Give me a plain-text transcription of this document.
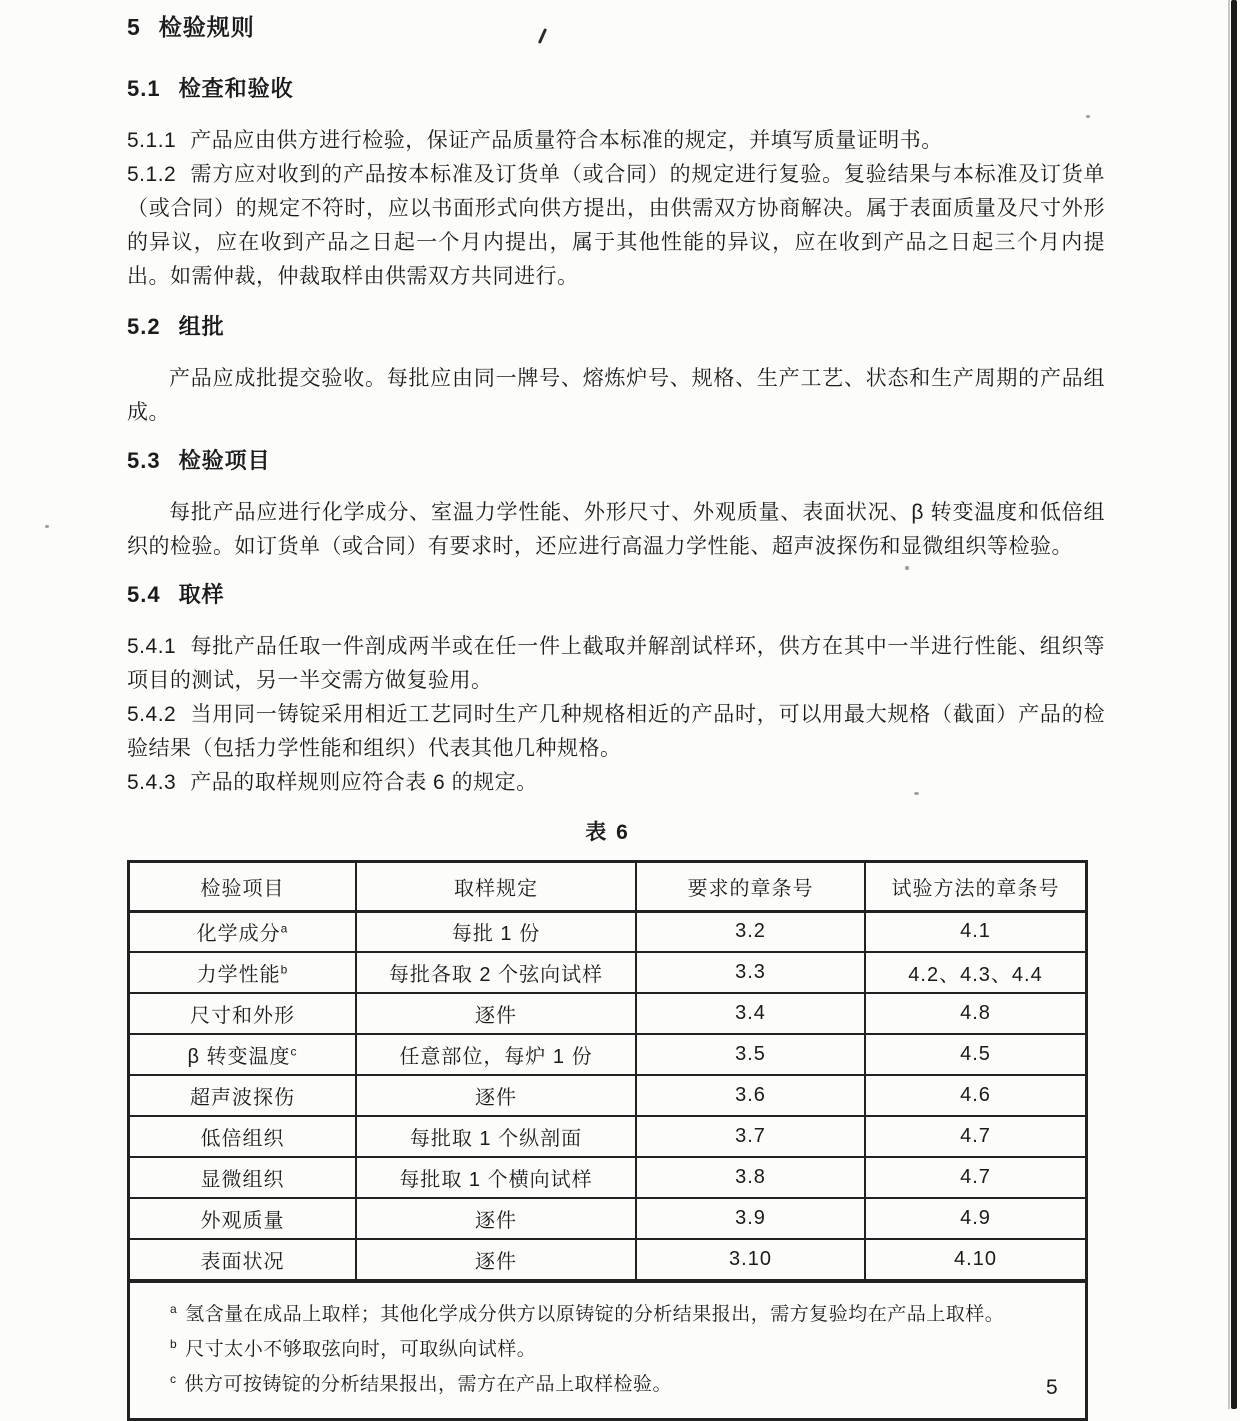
5 检验规则
5.1 检查和验收

5.1.1 产品应由供方进行检验，保证产品质量符合本标准的规定，并填写质量证明书。

5.1.2 需方应对收到的产品按本标准及订货单（或合同）的规定进行复验。复验结果与本标准及订货单（或合同）的规定不符时，应以书面形式向供方提出，由供需双方协商解决。属于表面质量及尺寸外形的异议，应在收到产品之日起一个月内提出，属于其他性能的异议，应在收到产品之日起三个月内提出。如需仲裁，仲裁取样由供需双方共同进行。

5.2 组批

产品应成批提交验收。每批应由同一牌号、熔炼炉号、规格、生产工艺、状态和生产周期的产品组成。

5.3 检验项目

每批产品应进行化学成分、室温力学性能、外形尺寸、外观质量、表面状况、β 转变温度和低倍组织的检验。如订货单（或合同）有要求时，还应进行高温力学性能、超声波探伤和显微组织等检验。

5.4 取样

5.4.1 每批产品任取一件剖成两半或在任一件上截取并解剖试样环，供方在其中一半进行性能、组织等项目的测试，另一半交需方做复验用。

5.4.2 当用同一铸锭采用相近工艺同时生产几种规格相近的产品时，可以用最大规格（截面）产品的检验结果（包括力学性能和组织）代表其他几种规格。

5.4.3 产品的取样规则应符合表 6 的规定。

表 6
检验项目	取样规定	要求的章条号	试验方法的章条号
化学成分$^a$	每批 1 份	3.2	4.1
力学性能$^b$	每批各取 2 个弦向试样	3.3	4.2、4.3、4.4
尺寸和外形	逐件	3.4	4.8
β 转变温度$^c$	任意部位，每炉 1 份	3.5	4.5
超声波探伤	逐件	3.6	4.6
低倍组织	每批取 1 个纵剖面	3.7	4.7
显微组织	每批取 1 个横向试样	3.8	4.7
外观质量	逐件	3.9	4.9
表面状况	逐件	3.10	4.10
$^a$ 氢含量在成品上取样；其他化学成分供方以原铸锭的分析结果报出，需方复验均在产品上取样。
$^b$ 尺寸太小不够取弦向时，可取纵向试样。
$^c$ 供方可按铸锭的分析结果报出，需方在产品上取样检验。	5
